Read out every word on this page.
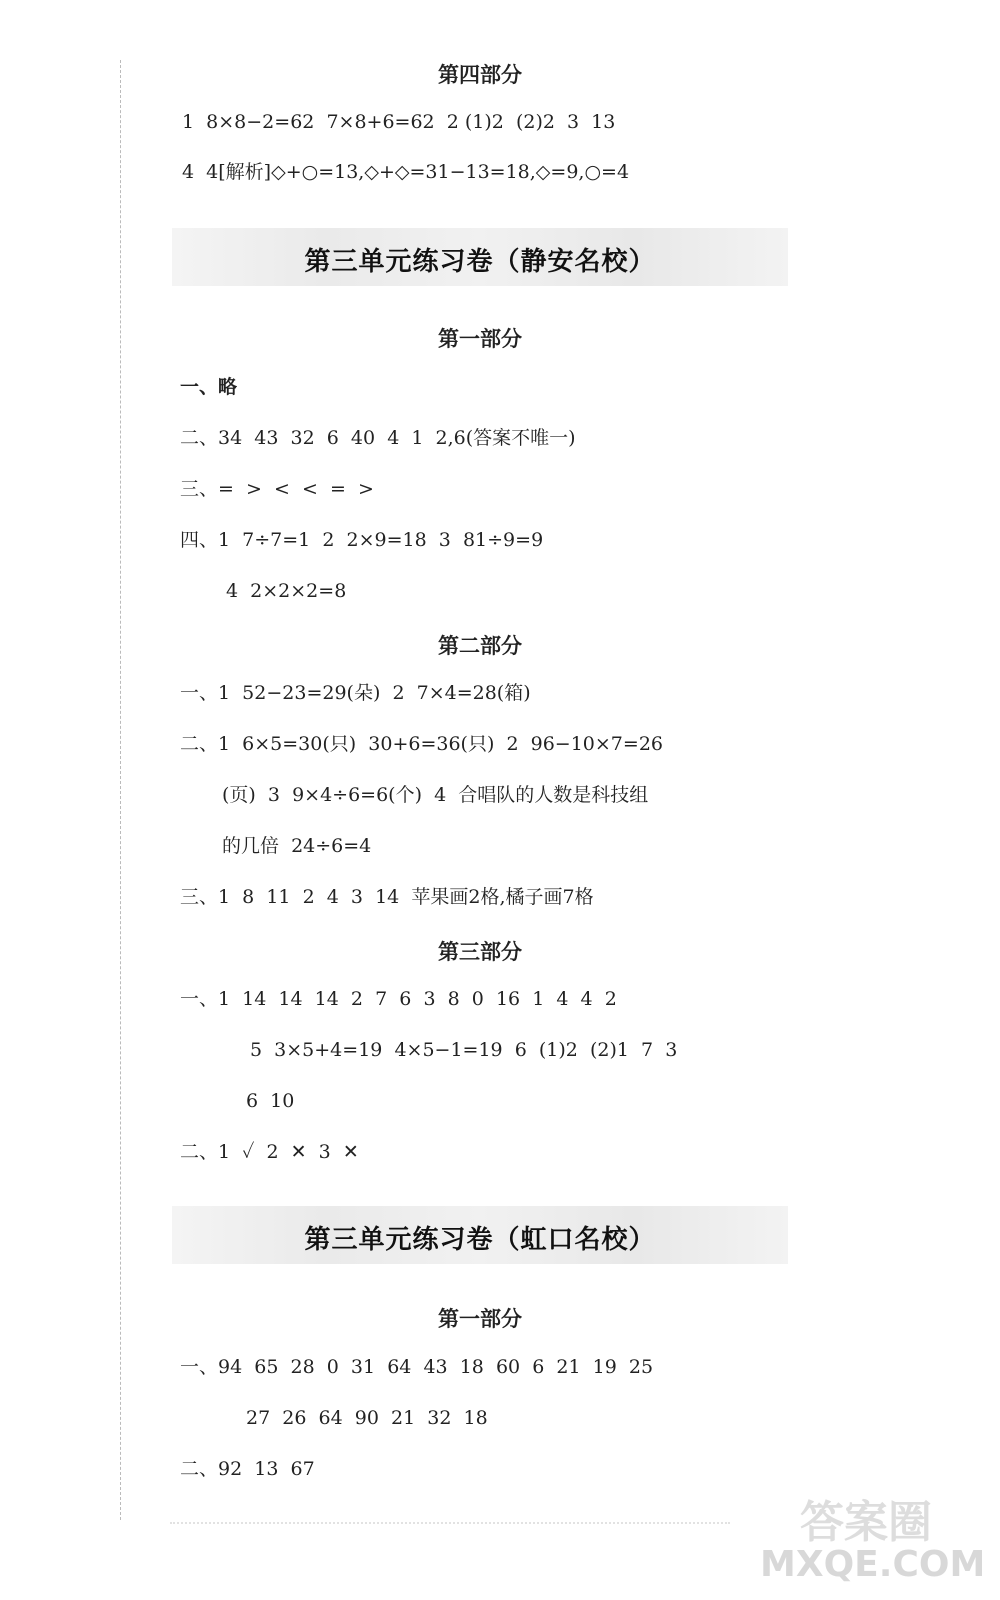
第四部分
1  8×8−2=62  7×8+6=62  2 (1)2  (2)2  3  13
4  4[解析]◇+○=13,◇+◇=31−13=18,◇=9,○=4
第三单元练习卷（静安名校）
第一部分
一、略
二、34  43  32  6  40  4  1  2,6(答案不唯一)
三、=  >  <  <  =  >
四、1  7÷7=1  2  2×9=18  3  81÷9=9
4  2×2×2=8
第二部分
一、1  52−23=29(朵)  2  7×4=28(箱)
二、1  6×5=30(只)  30+6=36(只)  2  96−10×7=26
(页)  3  9×4÷6=6(个)  4  合唱队的人数是科技组
的几倍  24÷6=4
三、1  8  11  2  4  3  14  苹果画2格,橘子画7格
第三部分
一、1  14  14  14  2  7  6  3  8  0  16  1  4  4  2
5  3×5+4=19  4×5−1=19  6  (1)2  (2)1  7  3
6  10
二、1  ✓  2  ✕  3  ✕
第三单元练习卷（虹口名校）
第一部分
一、94  65  28  0  31  64  43  18  60  6  21  19  25
27  26  64  90  21  32  18
二、92  13  67
答案圈
MXQE.COM
